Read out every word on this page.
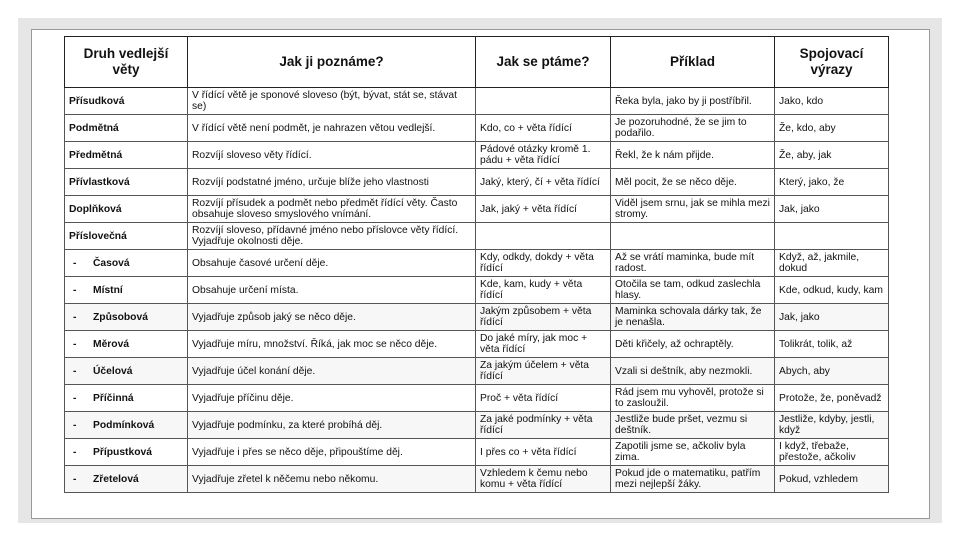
Druh vedlejší věty	Jak ji poznáme?	Jak se ptáme?	Příklad	Spojovací výrazy
Přísudková	V řídící větě je sponové sloveso (být, bývat, stát se, stávat se)		Řeka byla, jako by ji postříbřil.	Jako, kdo
Podmětná	V řídící větě není podmět, je nahrazen větou vedlejší.	Kdo, co + věta řídící	Je pozoruhodné, že se jim to podařilo.	Že, kdo, aby
Předmětná	Rozvíjí sloveso věty řídící.	Pádové otázky kromě 1. pádu + věta řídící	Řekl, že k nám přijde.	Že, aby, jak
Přívlastková	Rozvíjí podstatné jméno, určuje blíže jeho vlastnosti	Jaký, který, čí + věta řídící	Měl pocit, že se něco děje.	Který, jako, že
Doplňková	Rozvíjí přísudek a podmět nebo předmět řídící věty. Často obsahuje sloveso smyslového vnímání.	Jak, jaký + věta řídící	Viděl jsem srnu, jak se mihla mezi stromy.	Jak, jako
Příslovečná	Rozvíjí sloveso, přídavné jméno nebo příslovce věty řídící. Vyjadřuje okolnosti děje.			
- Časová	Obsahuje časové určení děje.	Kdy, odkdy, dokdy + věta řídící	Až se vrátí maminka, bude mít radost.	Když, až, jakmile, dokud
- Místní	Obsahuje určení místa.	Kde, kam, kudy + věta řídící	Otočila se tam, odkud zaslechla hlasy.	Kde, odkud, kudy, kam
- Způsobová	Vyjadřuje způsob jaký se něco děje.	Jakým způsobem + věta řídící	Maminka schovala dárky tak, že je nenašla.	Jak, jako
- Měrová	Vyjadřuje míru, množství. Říká, jak moc se něco děje.	Do jaké míry, jak moc + věta řídící	Děti křičely, až ochraptěly.	Tolikrát, tolik, až
- Účelová	Vyjadřuje účel konání děje.	Za jakým účelem + věta řídící	Vzali si deštník, aby nezmokli.	Abych, aby
- Příčinná	Vyjadřuje příčinu děje.	Proč + věta řídící	Rád jsem mu vyhověl, protože si to zasloužil.	Protože, že, poněvadž
- Podmínková	Vyjadřuje podmínku, za které probíhá děj.	Za jaké podmínky + věta řídící	Jestliže bude pršet, vezmu si deštník.	Jestliže, kdyby, jestli, když
- Přípustková	Vyjadřuje i přes se něco děje, připouštíme děj.	I přes co + věta řídící	Zapotili jsme se, ačkoliv byla zima.	I když, třebaže, přestože, ačkoliv
- Zřetelová	Vyjadřuje zřetel k něčemu nebo někomu.	Vzhledem k čemu nebo komu + věta řídící	Pokud jde o matematiku, patřím mezi nejlepší žáky.	Pokud, vzhledem
